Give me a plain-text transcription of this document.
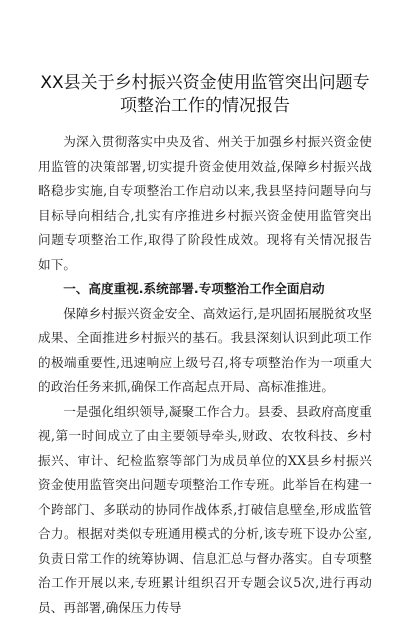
XX县关于乡村振兴资金使用监管突出问题专项整治工作的情况报告

为深入贯彻落实中央及省、州关于加强乡村振兴资金使用监管的决策部署,切实提升资金使用效益,保障乡村振兴战略稳步实施,自专项整治工作启动以来,我县坚持问题导向与目标导向相结合,扎实有序推进乡村振兴资金使用监管突出问题专项整治工作,取得了阶段性成效。现将有关情况报告如下。

一、高度重视.系统部署.专项整治工作全面启动

保障乡村振兴资金安全、高效运行,是巩固拓展脱贫攻坚成果、全面推进乡村振兴的基石。我县深刻认识到此项工作的极端重要性,迅速响应上级号召,将专项整治作为一项重大的政治任务来抓,确保工作高起点开局、高标准推进。

一是强化组织领导,凝聚工作合力。县委、县政府高度重视,第一时间成立了由主要领导牵头,财政、农牧科技、乡村振兴、审计、纪检监察等部门为成员单位的XX县乡村振兴资金使用监管突出问题专项整治工作专班。此举旨在构建一个跨部门、多联动的协同作战体系,打破信息壁垒,形成监管合力。根据对类似专班通用模式的分析,该专班下设办公室,负责日常工作的统筹协调、信息汇总与督办落实。自专项整治工作开展以来,专班累计组织召开专题会议5次,进行再动员、再部署,确保压力传导
